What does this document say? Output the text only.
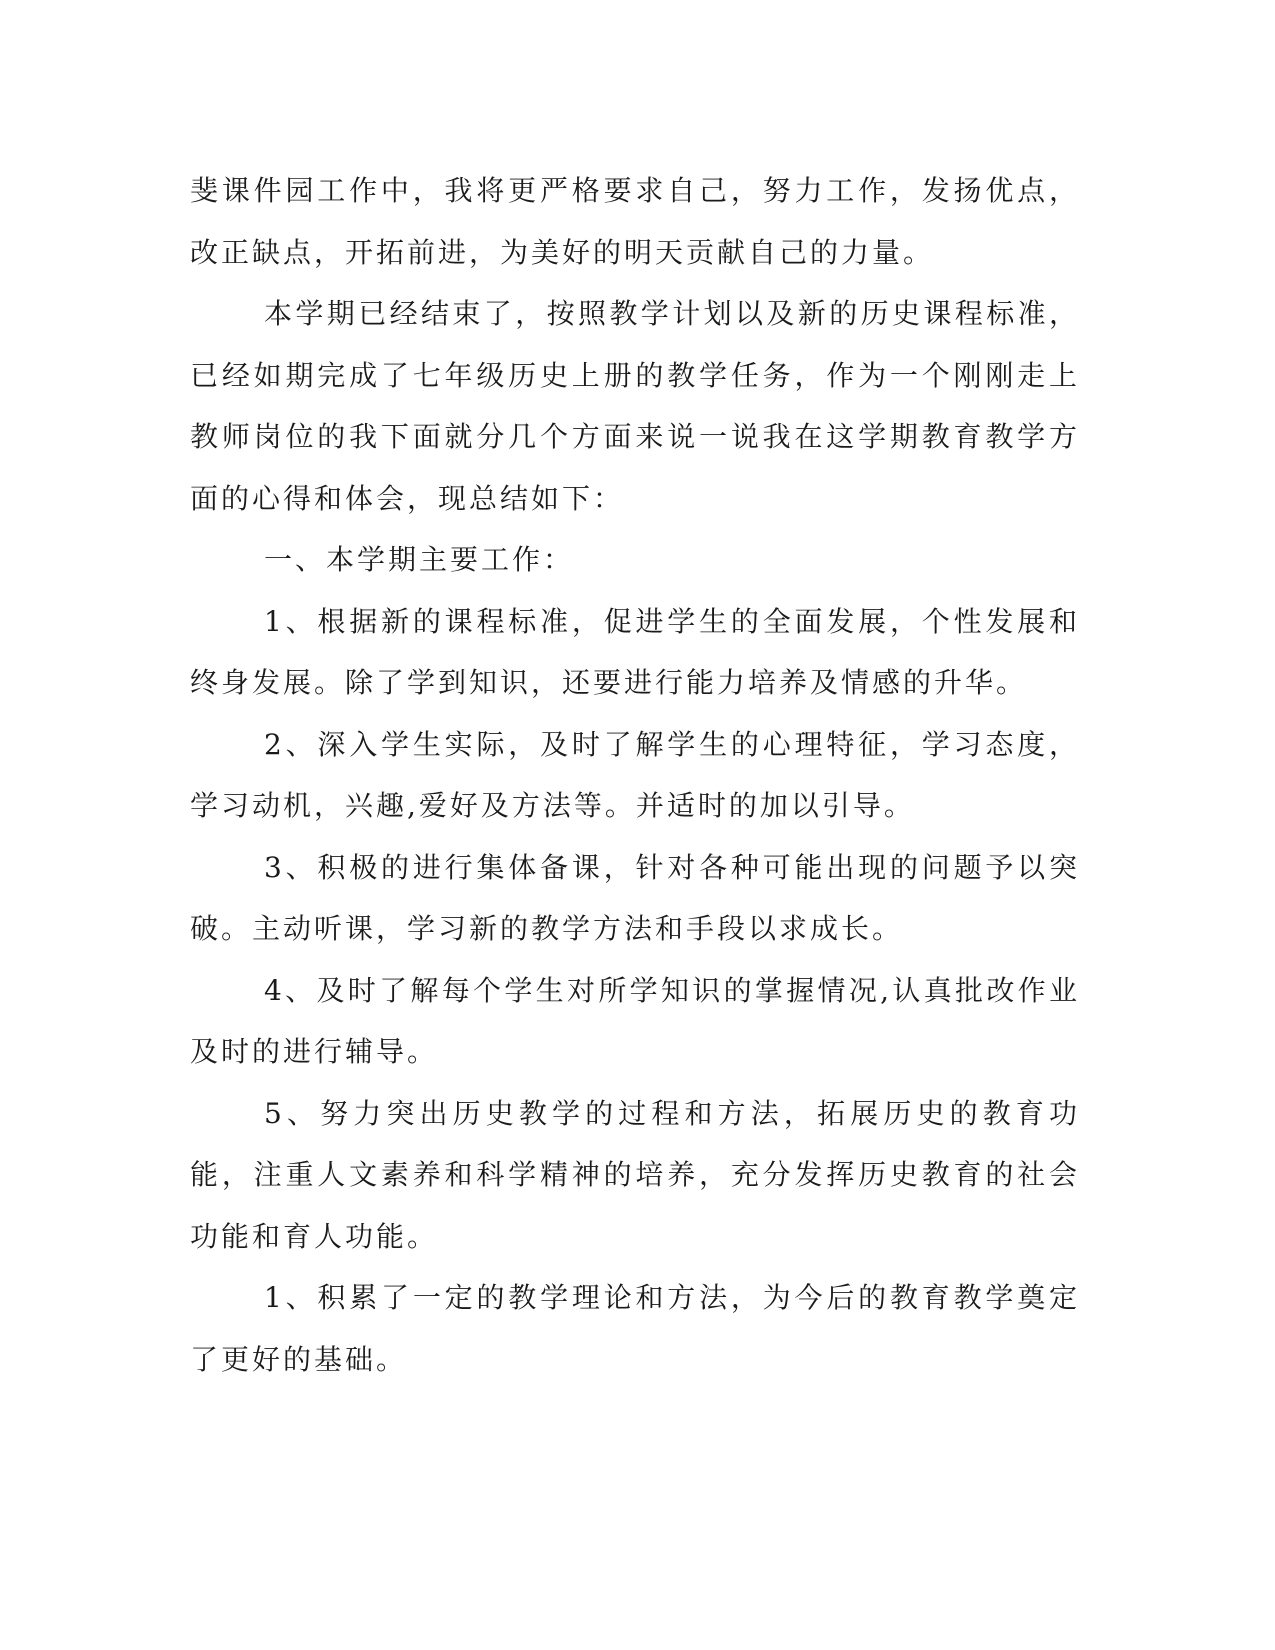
斐课件园工作中，我将更严格要求自己，努力工作，发扬优点，改正缺点，开拓前进，为美好的明天贡献自己的力量。

本学期已经结束了，按照教学计划以及新的历史课程标准，已经如期完成了七年级历史上册的教学任务，作为一个刚刚走上教师岗位的我下面就分几个方面来说一说我在这学期教育教学方面的心得和体会，现总结如下：

一、本学期主要工作：

1、根据新的课程标准，促进学生的全面发展，个性发展和终身发展。除了学到知识，还要进行能力培养及情感的升华。

2、深入学生实际，及时了解学生的心理特征，学习态度，学习动机，兴趣,爱好及方法等。并适时的加以引导。

3、积极的进行集体备课，针对各种可能出现的问题予以突破。主动听课，学习新的教学方法和手段以求成长。

4、及时了解每个学生对所学知识的掌握情况,认真批改作业及时的进行辅导。

5、努力突出历史教学的过程和方法，拓展历史的教育功能，注重人文素养和科学精神的培养，充分发挥历史教育的社会功能和育人功能。

1、积累了一定的教学理论和方法，为今后的教育教学奠定了更好的基础。
